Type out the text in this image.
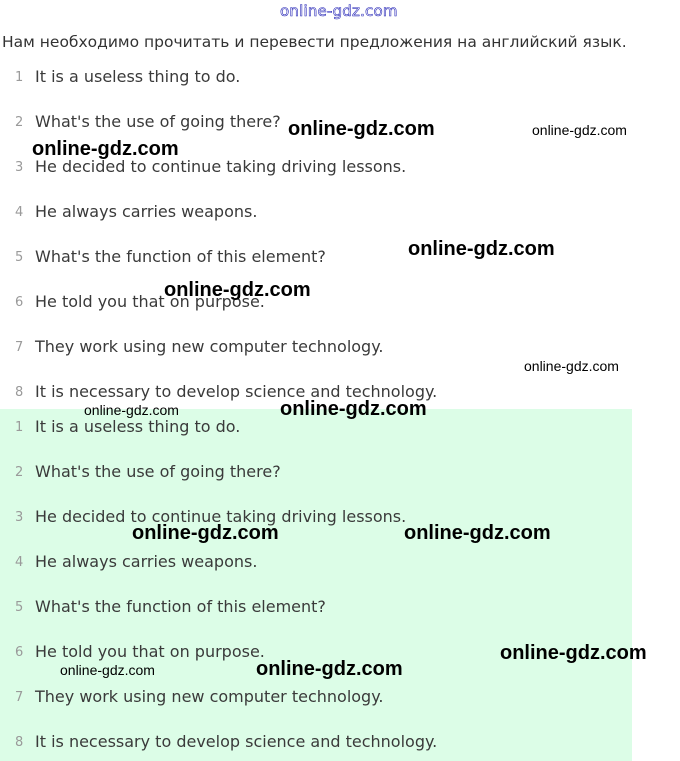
online-gdz.com
Нам необходимо прочитать и перевести предложения на английский язык.
1 It is a useless thing to do.
2 What's the use of going there?
3 He decided to continue taking driving lessons.
4 He always carries weapons.
5 What's the function of this element?
6 He told you that on purpose.
7 They work using new computer technology.
8 It is necessary to develop science and technology.
1 It is a useless thing to do.
2 What's the use of going there?
3 He decided to continue taking driving lessons.
4 He always carries weapons.
5 What's the function of this element?
6 He told you that on purpose.
7 They work using new computer technology.
8 It is necessary to develop science and technology.
online-gdz.com	online-gdz.com
online-gdz.com
online-gdz.com
online-gdz.com
online-gdz.com
online-gdz.com	online-gdz.com
online-gdz.com	online-gdz.com
online-gdz.com
online-gdz.com
online-gdz.com
